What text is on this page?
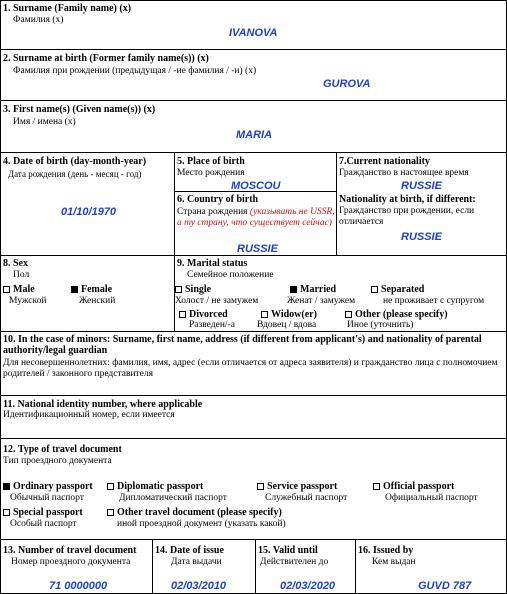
1. Surname (Family name) (x)
Фамилия (x)
IVANOVA
2. Surname at birth (Former family name(s)) (x)
Фамилия при рождении (предыдущая / -ие фамилия / -и) (x)
GUROVA
3. First name(s) (Given name(s)) (x)
Имя / имена (x)
MARIA
4. Date of birth (day-month-year)
Дата рождения (день - месяц - год)
01/10/1970
5. Place of birth
Место рождения
MOSCOU
6. Country of birth
Страна рождения (указывать не USSR, а ту страну, что существует сейчас)
RUSSIE
7.Current nationality
Гражданство в настоящее время
RUSSIE
Nationality at birth, if different:
Гражданство при рождении, если отличается
RUSSIE
8. Sex
Пол
Male
Мужской
Female
Женский
9. Marital status
Семейное положение
Single
Холост / не замужем
Married
Женат / замужем
Separated
не проживает с супругом
Divorced
Разведен/-а
Widow(er)
Вдовец / вдова
Other (please specify)
Иное (уточнить)
10. In the case of minors: Surname, first name, address (if different from applicant's) and nationality of parental authority/legal guardian
Для несовершеннолетних: фамилия, имя, адрес (если отличается от адреса заявителя) и гражданство лица с полномочием родителей / законного представителя
11. National identity number, where applicable
Идентификационный номер, если имеется
12. Type of travel document
Тип проездного документа
Ordinary passport
Обычный паспорт
Diplomatic passport
Дипломатический паспорт
Service passport
Служебный паспорт
Official passport
Официальный паспорт
Special passport
Особый паспорт
Other travel document (please specify)
иной проездной документ (указать какой)
13. Number of travel document
Номер проездного документа
71 0000000
14. Date of issue
Дата выдачи
02/03/2010
15. Valid until
Действителен до
02/03/2020
16. Issued by
Кем выдан
GUVD 787
